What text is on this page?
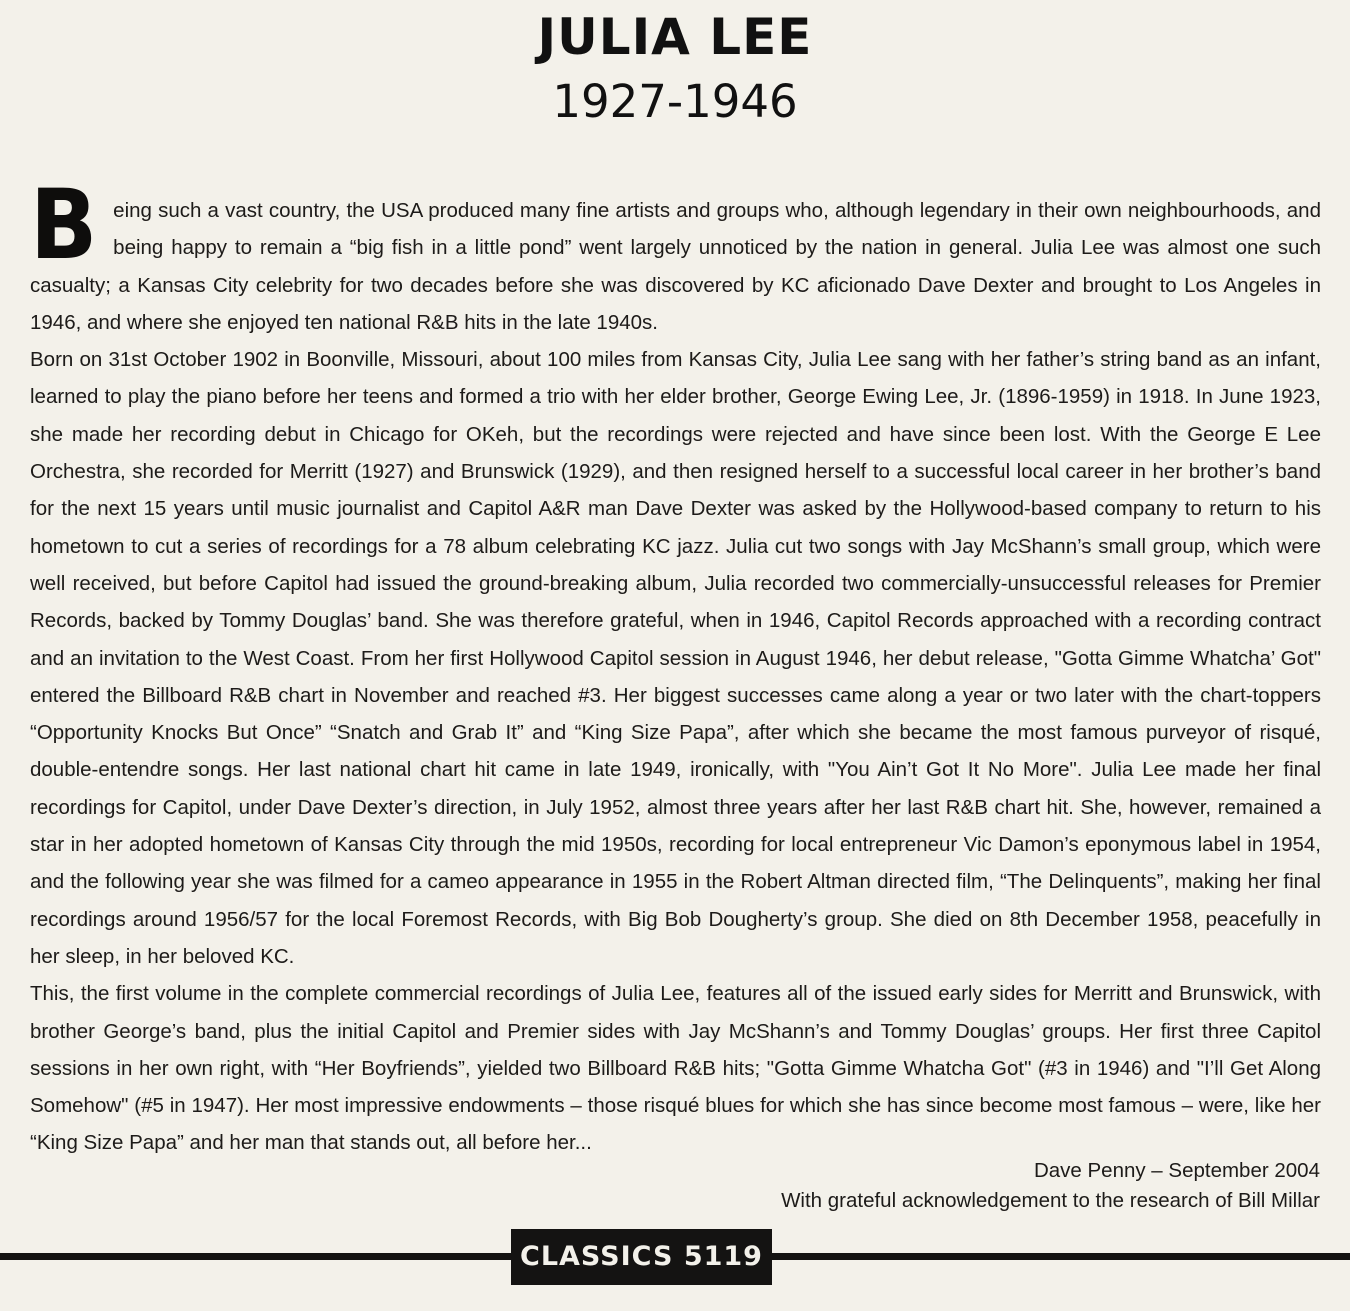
JULIA LEE
1927-1946

Being such a vast country, the USA produced many fine artists and groups who, although legendary in their own neighbourhoods, and being happy to remain a “big fish in a little pond” went largely unnoticed by the nation in general. Julia Lee was almost one such casualty; a Kansas City celebrity for two decades before she was discovered by KC aficionado Dave Dexter and brought to Los Angeles in 1946, and where she enjoyed ten national R&B hits in the late 1940s.

Born on 31st October 1902 in Boonville, Missouri, about 100 miles from Kansas City, Julia Lee sang with her father’s string band as an infant, learned to play the piano before her teens and formed a trio with her elder brother, George Ewing Lee, Jr. (1896-1959) in 1918. In June 1923, she made her recording debut in Chicago for OKeh, but the recordings were rejected and have since been lost. With the George E Lee Orchestra, she recorded for Merritt (1927) and Brunswick (1929), and then resigned herself to a successful local career in her brother’s band for the next 15 years until music journalist and Capitol A&R man Dave Dexter was asked by the Hollywood-based company to return to his hometown to cut a series of recordings for a 78 album celebrating KC jazz. Julia cut two songs with Jay McShann’s small group, which were well received, but before Capitol had issued the ground-breaking album, Julia recorded two commercially-unsuccessful releases for Premier Records, backed by Tommy Douglas’ band. She was therefore grateful, when in 1946, Capitol Records approached with a recording contract and an invitation to the West Coast. From her first Hollywood Capitol session in August 1946, her debut release, "Gotta Gimme Whatcha’ Got" entered the Billboard R&B chart in November and reached #3. Her biggest successes came along a year or two later with the chart-toppers “Opportunity Knocks But Once” “Snatch and Grab It” and “King Size Papa”, after which she became the most famous purveyor of risqué, double-entendre songs. Her last national chart hit came in late 1949, ironically, with "You Ain’t Got It No More". Julia Lee made her final recordings for Capitol, under Dave Dexter’s direction, in July 1952, almost three years after her last R&B chart hit. She, however, remained a star in her adopted hometown of Kansas City through the mid 1950s, recording for local entrepreneur Vic Damon’s eponymous label in 1954, and the following year she was filmed for a cameo appearance in 1955 in the Robert Altman directed film, “The Delinquents”, making her final recordings around 1956/57 for the local Foremost Records, with Big Bob Dougherty’s group. She died on 8th December 1958, peacefully in her sleep, in her beloved KC.

This, the first volume in the complete commercial recordings of Julia Lee, features all of the issued early sides for Merritt and Brunswick, with brother George’s band, plus the initial Capitol and Premier sides with Jay McShann’s and Tommy Douglas’ groups. Her first three Capitol sessions in her own right, with “Her Boyfriends”, yielded two Billboard R&B hits; "Gotta Gimme Whatcha Got" (#3 in 1946) and "I’ll Get Along Somehow" (#5 in 1947). Her most impressive endowments – those risqué blues for which she has since become most famous – were, like her “King Size Papa” and her man that stands out, all before her...

Dave Penny – September 2004
With grateful acknowledgement to the research of Bill Millar
CLASSICS 5119
